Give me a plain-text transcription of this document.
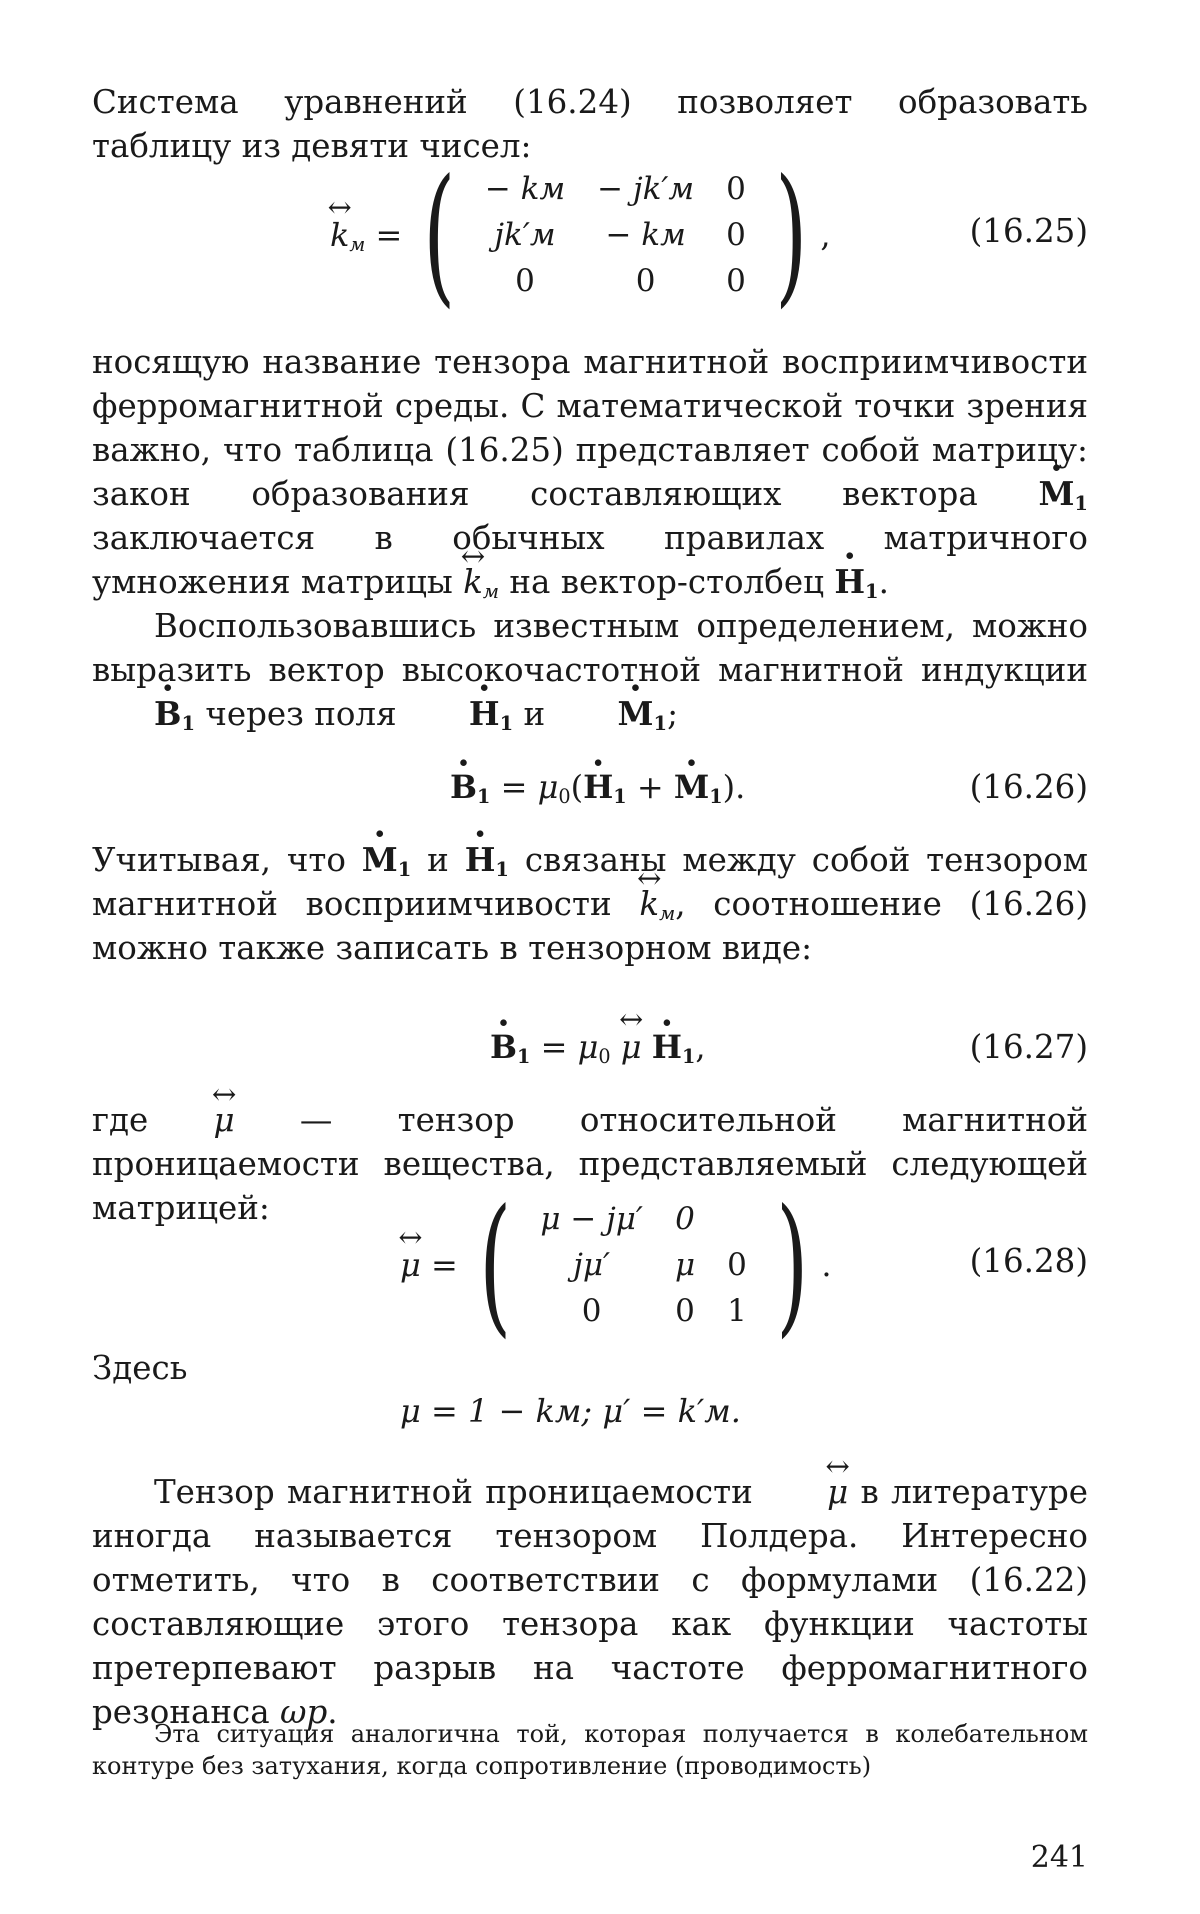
Система уравнений (16.24) позволяет образовать таблицу из девяти чисел:

↔ $k_м$ = ( − kм	− jk′м	0
jk′м	− kм	0
0	0	0 ) ,	(16.25)

носящую название тензора магнитной восприимчивости ферромагнитной среды. С математической точки зрения важно, что таблица (16.25) представляет собой матрицу: закон образования составляющих вектора · $M_1$ заключается в обычных правилах матричного умножения матрицы ↔ $k_м$ на вектор-столбец · $H_1$.

Воспользовавшись известным определением, можно выразить вектор высокочастотной магнитной индукции · $B_1$ через поля · $H_1$ $и \cdot M_1$;

· $B_1 = \mu_0(\cdot H_1$ + · $M_1$).	(16.26)

Учитывая, что · $M_1$ $и \cdot H_1$ связаны между собой тензором магнитной восприимчивости ↔ $k_м$, соотношение (16.26) можно также записать в тензорном виде:

· $B_1 = \mu_0$ ↔ $\mu \cdot H_1$,	(16.27)

где ↔ μ — тензор относительной магнитной проницаемости вещества, представляемый следующей матрицей:

↔ μ = ( μ − jμ′	0	
jμ′	μ	0
0	0	1 ) .	(16.28)

Здесь

μ = 1 − kм; μ′ = k′м.

Тензор магнитной проницаемости ↔ μ в литературе иногда называется тензором Полдера. Интересно отметить, что в соответствии с формулами (16.22) составляющие этого тензора как функции частоты претерпевают разрыв на частоте ферромагнитного резонанса ωр.

Эта ситуация аналогична той, которая получается в колебательном контуре без затухания, когда сопротивление (проводимость)

241
